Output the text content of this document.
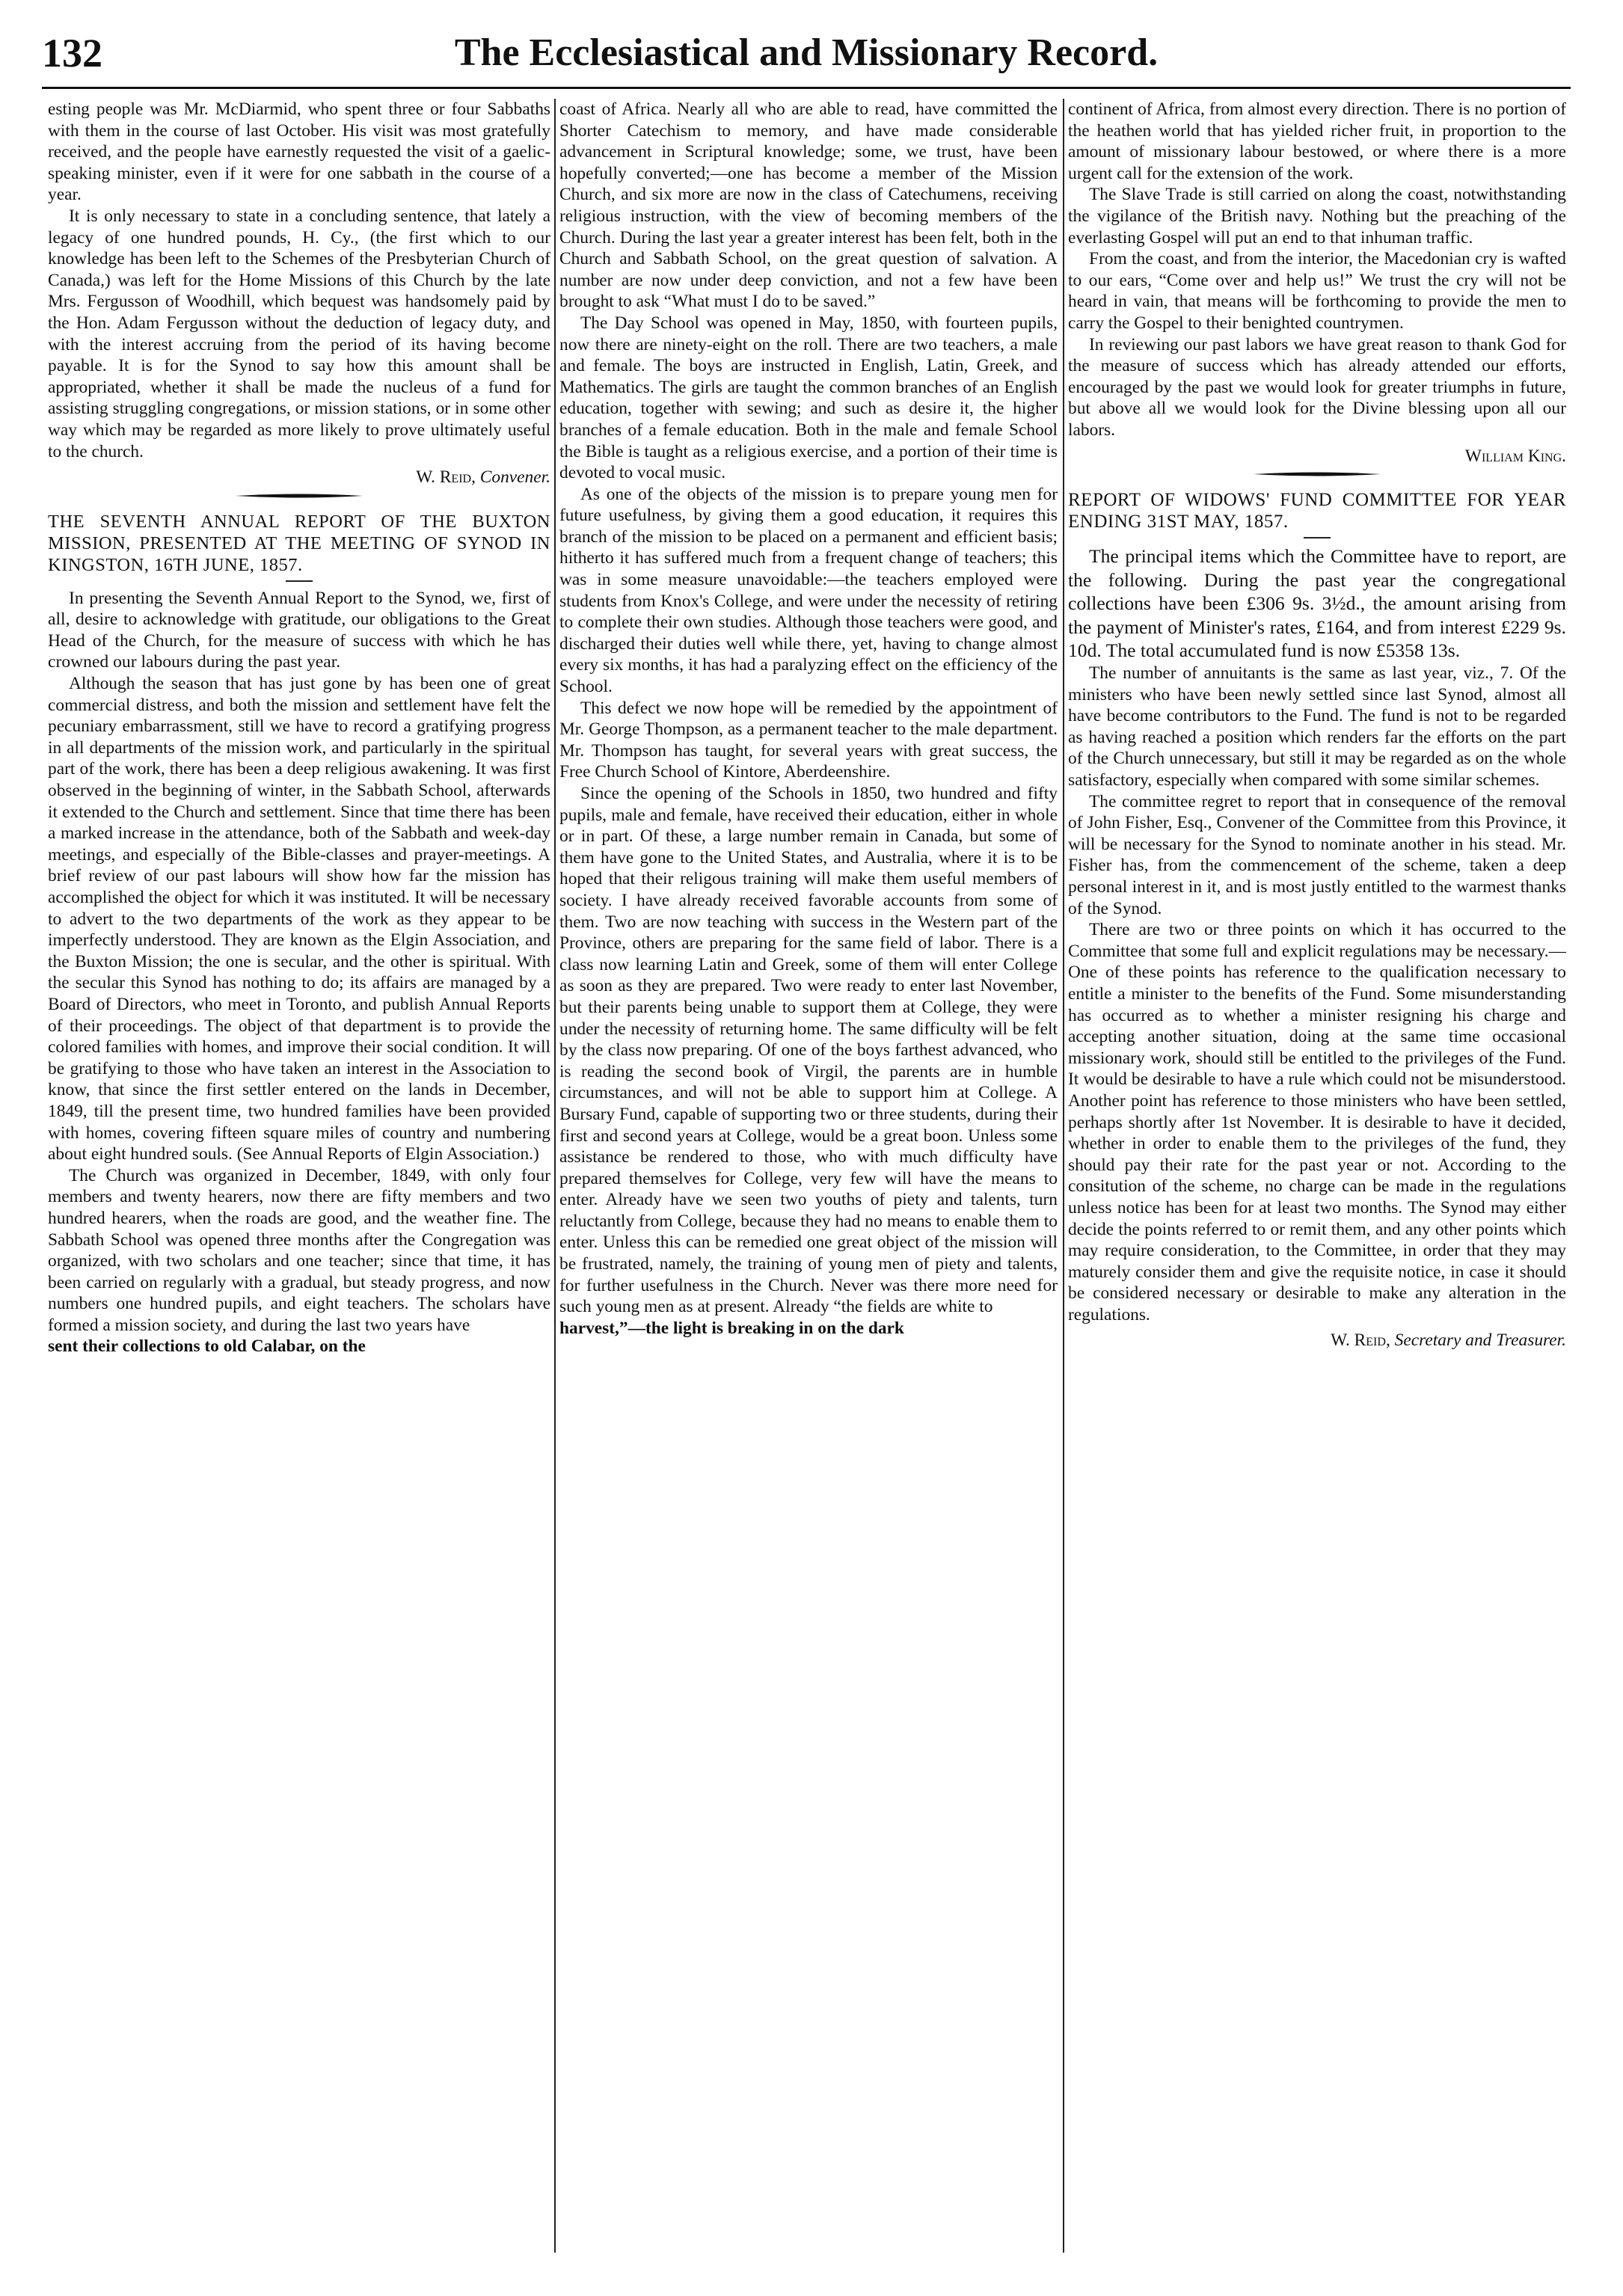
132	The Ecclesiastical and Missionary Record.

esting people was Mr. McDiarmid, who spent three or four Sabbaths with them in the course of last October. His visit was most gratefully received, and the people have earnestly requested the visit of a gaelic-speaking minister, even if it were for one sabbath in the course of a year.

It is only necessary to state in a concluding sentence, that lately a legacy of one hundred pounds, H. Cy., (the first which to our knowledge has been left to the Schemes of the Presbyterian Church of Canada,) was left for the Home Missions of this Church by the late Mrs. Fergusson of Woodhill, which bequest was handsomely paid by the Hon. Adam Fergusson without the deduction of legacy duty, and with the interest accruing from the period of its having become payable. It is for the Synod to say how this amount shall be appropriated, whether it shall be made the nucleus of a fund for assisting struggling congregations, or mission stations, or in some other way which may be regarded as more likely to prove ultimately useful to the church.

W. Reid, Convener.

THE SEVENTH ANNUAL REPORT OF THE BUXTON MISSION, PRESENTED AT THE MEETING OF SYNOD IN KINGSTON, 16TH JUNE, 1857.

In presenting the Seventh Annual Report to the Synod, we, first of all, desire to acknowledge with gratitude, our obligations to the Great Head of the Church, for the measure of success with which he has crowned our labours during the past year.

Although the season that has just gone by has been one of great commercial distress, and both the mission and settlement have felt the pecuniary embarrassment, still we have to record a gratifying progress in all departments of the mission work, and particularly in the spiritual part of the work, there has been a deep religious awakening. It was first observed in the beginning of winter, in the Sabbath School, afterwards it extended to the Church and settlement. Since that time there has been a marked increase in the attendance, both of the Sabbath and week-day meetings, and especially of the Bible-classes and prayer-meetings. A brief review of our past labours will show how far the mission has accomplished the object for which it was instituted. It will be necessary to advert to the two departments of the work as they appear to be imperfectly understood. They are known as the Elgin Association, and the Buxton Mission; the one is secular, and the other is spiritual. With the secular this Synod has nothing to do; its affairs are managed by a Board of Directors, who meet in Toronto, and publish Annual Reports of their proceedings. The object of that department is to provide the colored families with homes, and improve their social condition. It will be gratifying to those who have taken an interest in the Association to know, that since the first settler entered on the lands in December, 1849, till the present time, two hundred families have been provided with homes, covering fifteen square miles of country and numbering about eight hundred souls. (See Annual Reports of Elgin Association.)

The Church was organized in December, 1849, with only four members and twenty hearers, now there are fifty members and two hundred hearers, when the roads are good, and the weather fine. The Sabbath School was opened three months after the Congregation was organized, with two scholars and one teacher; since that time, it has been carried on regularly with a gradual, but steady progress, and now numbers one hundred pupils, and eight teachers. The scholars have formed a mission society, and during the last two years have

sent their collections to old Calabar, on the

coast of Africa. Nearly all who are able to read, have committed the Shorter Catechism to memory, and have made considerable advancement in Scriptural knowledge; some, we trust, have been hopefully converted;—one has become a member of the Mission Church, and six more are now in the class of Catechumens, receiving religious instruction, with the view of becoming members of the Church. During the last year a greater interest has been felt, both in the Church and Sabbath School, on the great question of salvation. A number are now under deep conviction, and not a few have been brought to ask “What must I do to be saved.”

The Day School was opened in May, 1850, with fourteen pupils, now there are ninety-eight on the roll. There are two teachers, a male and female. The boys are instructed in English, Latin, Greek, and Mathematics. The girls are taught the common branches of an English education, together with sewing; and such as desire it, the higher branches of a female education. Both in the male and female School the Bible is taught as a religious exercise, and a portion of their time is devoted to vocal music.

As one of the objects of the mission is to prepare young men for future usefulness, by giving them a good education, it requires this branch of the mission to be placed on a permanent and efficient basis; hitherto it has suffered much from a frequent change of teachers; this was in some measure unavoidable:—the teachers employed were students from Knox's College, and were under the necessity of retiring to complete their own studies. Although those teachers were good, and discharged their duties well while there, yet, having to change almost every six months, it has had a paralyzing effect on the efficiency of the School.

This defect we now hope will be remedied by the appointment of Mr. George Thompson, as a permanent teacher to the male department. Mr. Thompson has taught, for several years with great success, the Free Church School of Kintore, Aberdeenshire.

Since the opening of the Schools in 1850, two hundred and fifty pupils, male and female, have received their education, either in whole or in part. Of these, a large number remain in Canada, but some of them have gone to the United States, and Australia, where it is to be hoped that their religous training will make them useful members of society. I have already received favorable accounts from some of them. Two are now teaching with success in the Western part of the Province, others are preparing for the same field of labor. There is a class now learning Latin and Greek, some of them will enter College as soon as they are prepared. Two were ready to enter last November, but their parents being unable to support them at College, they were under the necessity of returning home. The same difficulty will be felt by the class now preparing. Of one of the boys farthest advanced, who is reading the second book of Virgil, the parents are in humble circumstances, and will not be able to support him at College. A Bursary Fund, capable of supporting two or three students, during their first and second years at College, would be a great boon. Unless some assistance be rendered to those, who with much difficulty have prepared themselves for College, very few will have the means to enter. Already have we seen two youths of piety and talents, turn reluctantly from College, because they had no means to enable them to enter. Unless this can be remedied one great object of the mission will be frustrated, namely, the training of young men of piety and talents, for further usefulness in the Church. Never was there more need for such young men as at present. Already “the fields are white to

harvest,”—the light is breaking in on the dark

continent of Africa, from almost every direction. There is no portion of the heathen world that has yielded richer fruit, in proportion to the amount of missionary labour bestowed, or where there is a more urgent call for the extension of the work.

The Slave Trade is still carried on along the coast, notwithstanding the vigilance of the British navy. Nothing but the preaching of the everlasting Gospel will put an end to that inhuman traffic.

From the coast, and from the interior, the Macedonian cry is wafted to our ears, “Come over and help us!” We trust the cry will not be heard in vain, that means will be forthcoming to provide the men to carry the Gospel to their benighted countrymen.

In reviewing our past labors we have great reason to thank God for the measure of success which has already attended our efforts, encouraged by the past we would look for greater triumphs in future, but above all we would look for the Divine blessing upon all our labors.

William King.

REPORT OF WIDOWS' FUND COMMITTEE FOR YEAR ENDING 31ST MAY, 1857.

The principal items which the Committee have to report, are the following. During the past year the congregational collections have been £306 9s. 3½d., the amount arising from the payment of Minister's rates, £164, and from interest £229 9s. 10d. The total accumulated fund is now £5358 13s.

The number of annuitants is the same as last year, viz., 7. Of the ministers who have been newly settled since last Synod, almost all have become contributors to the Fund. The fund is not to be regarded as having reached a position which renders far the efforts on the part of the Church unnecessary, but still it may be regarded as on the whole satisfactory, especially when compared with some similar schemes.

The committee regret to report that in consequence of the removal of John Fisher, Esq., Convener of the Committee from this Province, it will be necessary for the Synod to nominate another in his stead. Mr. Fisher has, from the commencement of the scheme, taken a deep personal interest in it, and is most justly entitled to the warmest thanks of the Synod.

There are two or three points on which it has occurred to the Committee that some full and explicit regulations may be necessary.—One of these points has reference to the qualification necessary to entitle a minister to the benefits of the Fund. Some misunderstanding has occurred as to whether a minister resigning his charge and accepting another situation, doing at the same time occasional missionary work, should still be entitled to the privileges of the Fund. It would be desirable to have a rule which could not be misunderstood. Another point has reference to those ministers who have been settled, perhaps shortly after 1st November. It is desirable to have it decided, whether in order to enable them to the privileges of the fund, they should pay their rate for the past year or not. According to the consitution of the scheme, no charge can be made in the regulations unless notice has been for at least two months. The Synod may either decide the points referred to or remit them, and any other points which may require consideration, to the Committee, in order that they may maturely consider them and give the requisite notice, in case it should be considered necessary or desirable to make any alteration in the regulations.

W. Reid, Secretary and Treasurer.
